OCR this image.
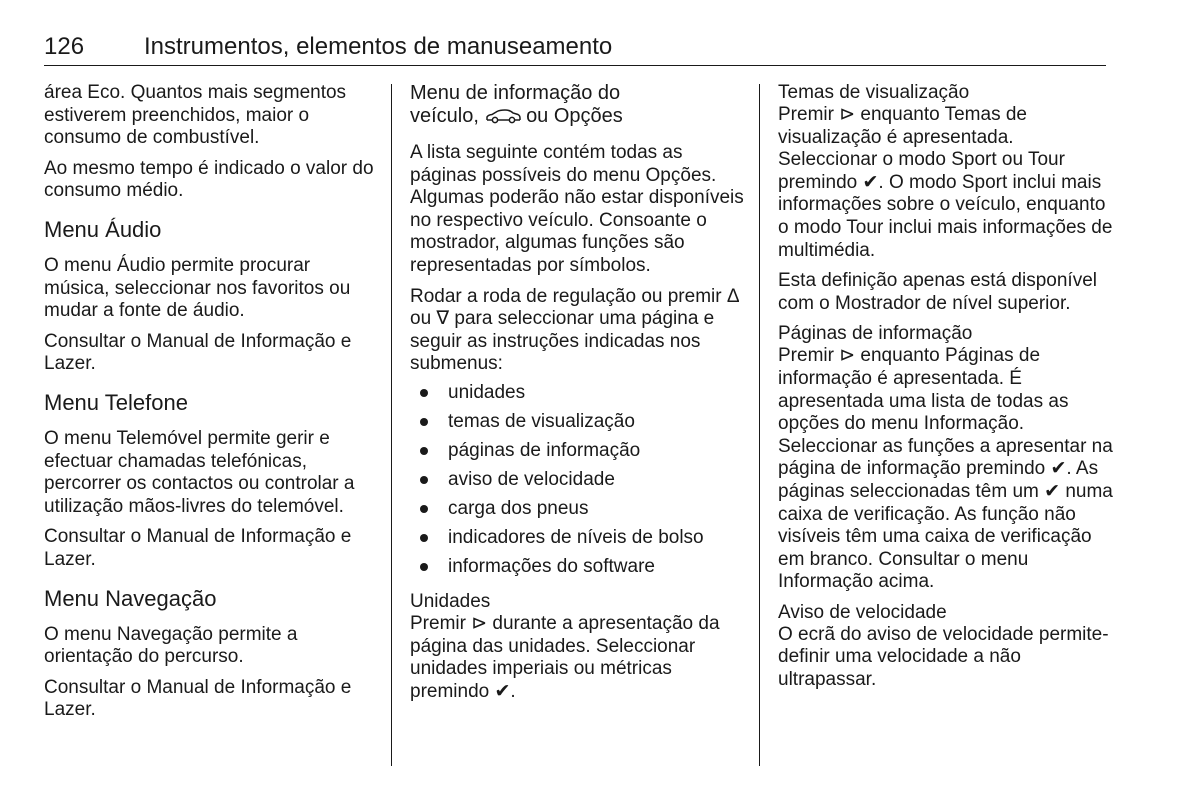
126 Instrumentos, elementos de manuseamento

área Eco. Quantos mais segmentos estiverem preenchidos, maior o consumo de combustível.

Ao mesmo tempo é indicado o valor do consumo médio.

Menu Áudio

O menu Áudio permite procurar música, seleccionar nos favoritos ou mudar a fonte de áudio.

Consultar o Manual de Informação e Lazer.

Menu Telefone

O menu Telemóvel permite gerir e efectuar chamadas telefónicas, percorrer os contactos ou controlar a utilização mãos-livres do telemóvel.

Consultar o Manual de Informação e Lazer.

Menu Navegação

O menu Navegação permite a orientação do percurso.

Consultar o Manual de Informação e Lazer.

Menu de informação do
veículo, ou Opções

A lista seguinte contém todas as páginas possíveis do menu Opções. Algumas poderão não estar disponíveis no respectivo veículo. Consoante o mostrador, algumas funções são representadas por símbolos.

Rodar a roda de regulação ou premir Δ ou ∇ para seleccionar uma página e seguir as instruções indicadas nos submenus:

unidades
temas de visualização
páginas de informação
aviso de velocidade
carga dos pneus
indicadores de níveis de bolso
informações do software
Unidades

Premir ⊳ durante a apresentação da página das unidades. Seleccionar unidades imperiais ou métricas premindo ✔.

Temas de visualização

Premir ⊳ enquanto Temas de visualização é apresentada. Seleccionar o modo Sport ou Tour premindo ✔. O modo Sport inclui mais informações sobre o veículo, enquanto o modo Tour inclui mais informações de multimédia.

Esta definição apenas está disponível com o Mostrador de nível superior.

Páginas de informação

Premir ⊳ enquanto Páginas de informação é apresentada. É apresentada uma lista de todas as opções do menu Informação. Seleccionar as funções a apresentar na página de informação premindo ✔. As páginas seleccionadas têm um ✔ numa caixa de verificação. As função não visíveis têm uma caixa de verificação em branco. Consultar o menu Informação acima.

Aviso de velocidade

O ecrã do aviso de velocidade permite- definir uma velocidade a não ultrapassar.
